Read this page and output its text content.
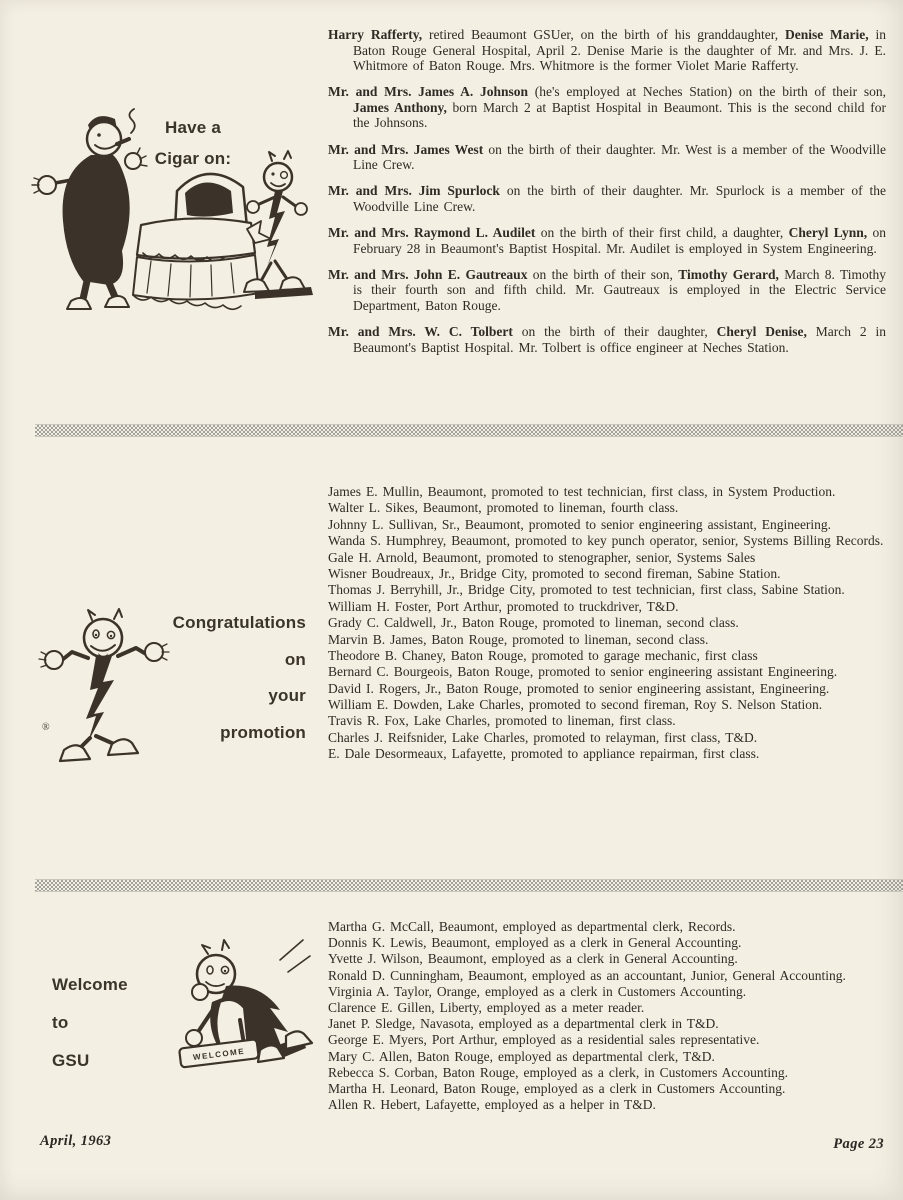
Have a
Cigar on:

Harry Rafferty, retired Beaumont GSUer, on the birth of his granddaughter, Denise Marie, in Baton Rouge General Hospital, April 2. Denise Marie is the daughter of Mr. and Mrs. J. E. Whitmore of Baton Rouge. Mrs. Whitmore is the former Violet Marie Rafferty.

Mr. and Mrs. James A. Johnson (he's employed at Neches Station) on the birth of their son, James Anthony, born March 2 at Baptist Hospital in Beaumont. This is the second child for the Johnsons.

Mr. and Mrs. James West on the birth of their daughter. Mr. West is a member of the Woodville Line Crew.

Mr. and Mrs. Jim Spurlock on the birth of their daughter. Mr. Spurlock is a member of the Woodville Line Crew.

Mr. and Mrs. Raymond L. Audilet on the birth of their first child, a daughter, Cheryl Lynn, on February 28 in Beaumont's Baptist Hospital. Mr. Audilet is employed in System Engineering.

Mr. and Mrs. John E. Gautreaux on the birth of their son, Timothy Gerard, March 8. Timothy is their fourth son and fifth child. Mr. Gautreaux is employed in the Electric Service Department, Baton Rouge.

Mr. and Mrs. W. C. Tolbert on the birth of their daughter, Cheryl Denise, March 2 in Beaumont's Baptist Hospital. Mr. Tolbert is office engineer at Neches Station.

®
Congratulations
on
your
promotion

James E. Mullin, Beaumont, promoted to test technician, first class, in System Production.

Walter L. Sikes, Beaumont, promoted to lineman, fourth class.

Johnny L. Sullivan, Sr., Beaumont, promoted to senior engineering assistant, Engineering.

Wanda S. Humphrey, Beaumont, promoted to key punch operator, senior, Systems Billing Records.

Gale H. Arnold, Beaumont, promoted to stenographer, senior, Systems Sales

Wisner Boudreaux, Jr., Bridge City, promoted to second fireman, Sabine Station.

Thomas J. Berryhill, Jr., Bridge City, promoted to test technician, first class, Sabine Station.

William H. Foster, Port Arthur, promoted to truckdriver, T&D.

Grady C. Caldwell, Jr., Baton Rouge, promoted to lineman, second class.

Marvin B. James, Baton Rouge, promoted to lineman, second class.

Theodore B. Chaney, Baton Rouge, promoted to garage mechanic, first class

Bernard C. Bourgeois, Baton Rouge, promoted to senior engineering assistant Engineering.

David I. Rogers, Jr., Baton Rouge, promoted to senior engineering assistant, Engineering.

William E. Dowden, Lake Charles, promoted to second fireman, Roy S. Nelson Station.

Travis R. Fox, Lake Charles, promoted to lineman, first class.

Charles J. Reifsnider, Lake Charles, promoted to relayman, first class, T&D.

E. Dale Desormeaux, Lafayette, promoted to appliance repairman, first class.

Welcome
to
GSU	WELCOME

Martha G. McCall, Beaumont, employed as departmental clerk, Records.

Donnis K. Lewis, Beaumont, employed as a clerk in General Accounting.

Yvette J. Wilson, Beaumont, employed as a clerk in General Accounting.

Ronald D. Cunningham, Beaumont, employed as an accountant, Junior, General Accounting.

Virginia A. Taylor, Orange, employed as a clerk in Customers Accounting.

Clarence E. Gillen, Liberty, employed as a meter reader.

Janet P. Sledge, Navasota, employed as a departmental clerk in T&D.

George E. Myers, Port Arthur, employed as a residential sales representative.

Mary C. Allen, Baton Rouge, employed as departmental clerk, T&D.

Rebecca S. Corban, Baton Rouge, employed as a clerk, in Customers Accounting.

Martha H. Leonard, Baton Rouge, employed as a clerk in Customers Accounting.

Allen R. Hebert, Lafayette, employed as a helper in T&D.

April, 1963	Page 23
